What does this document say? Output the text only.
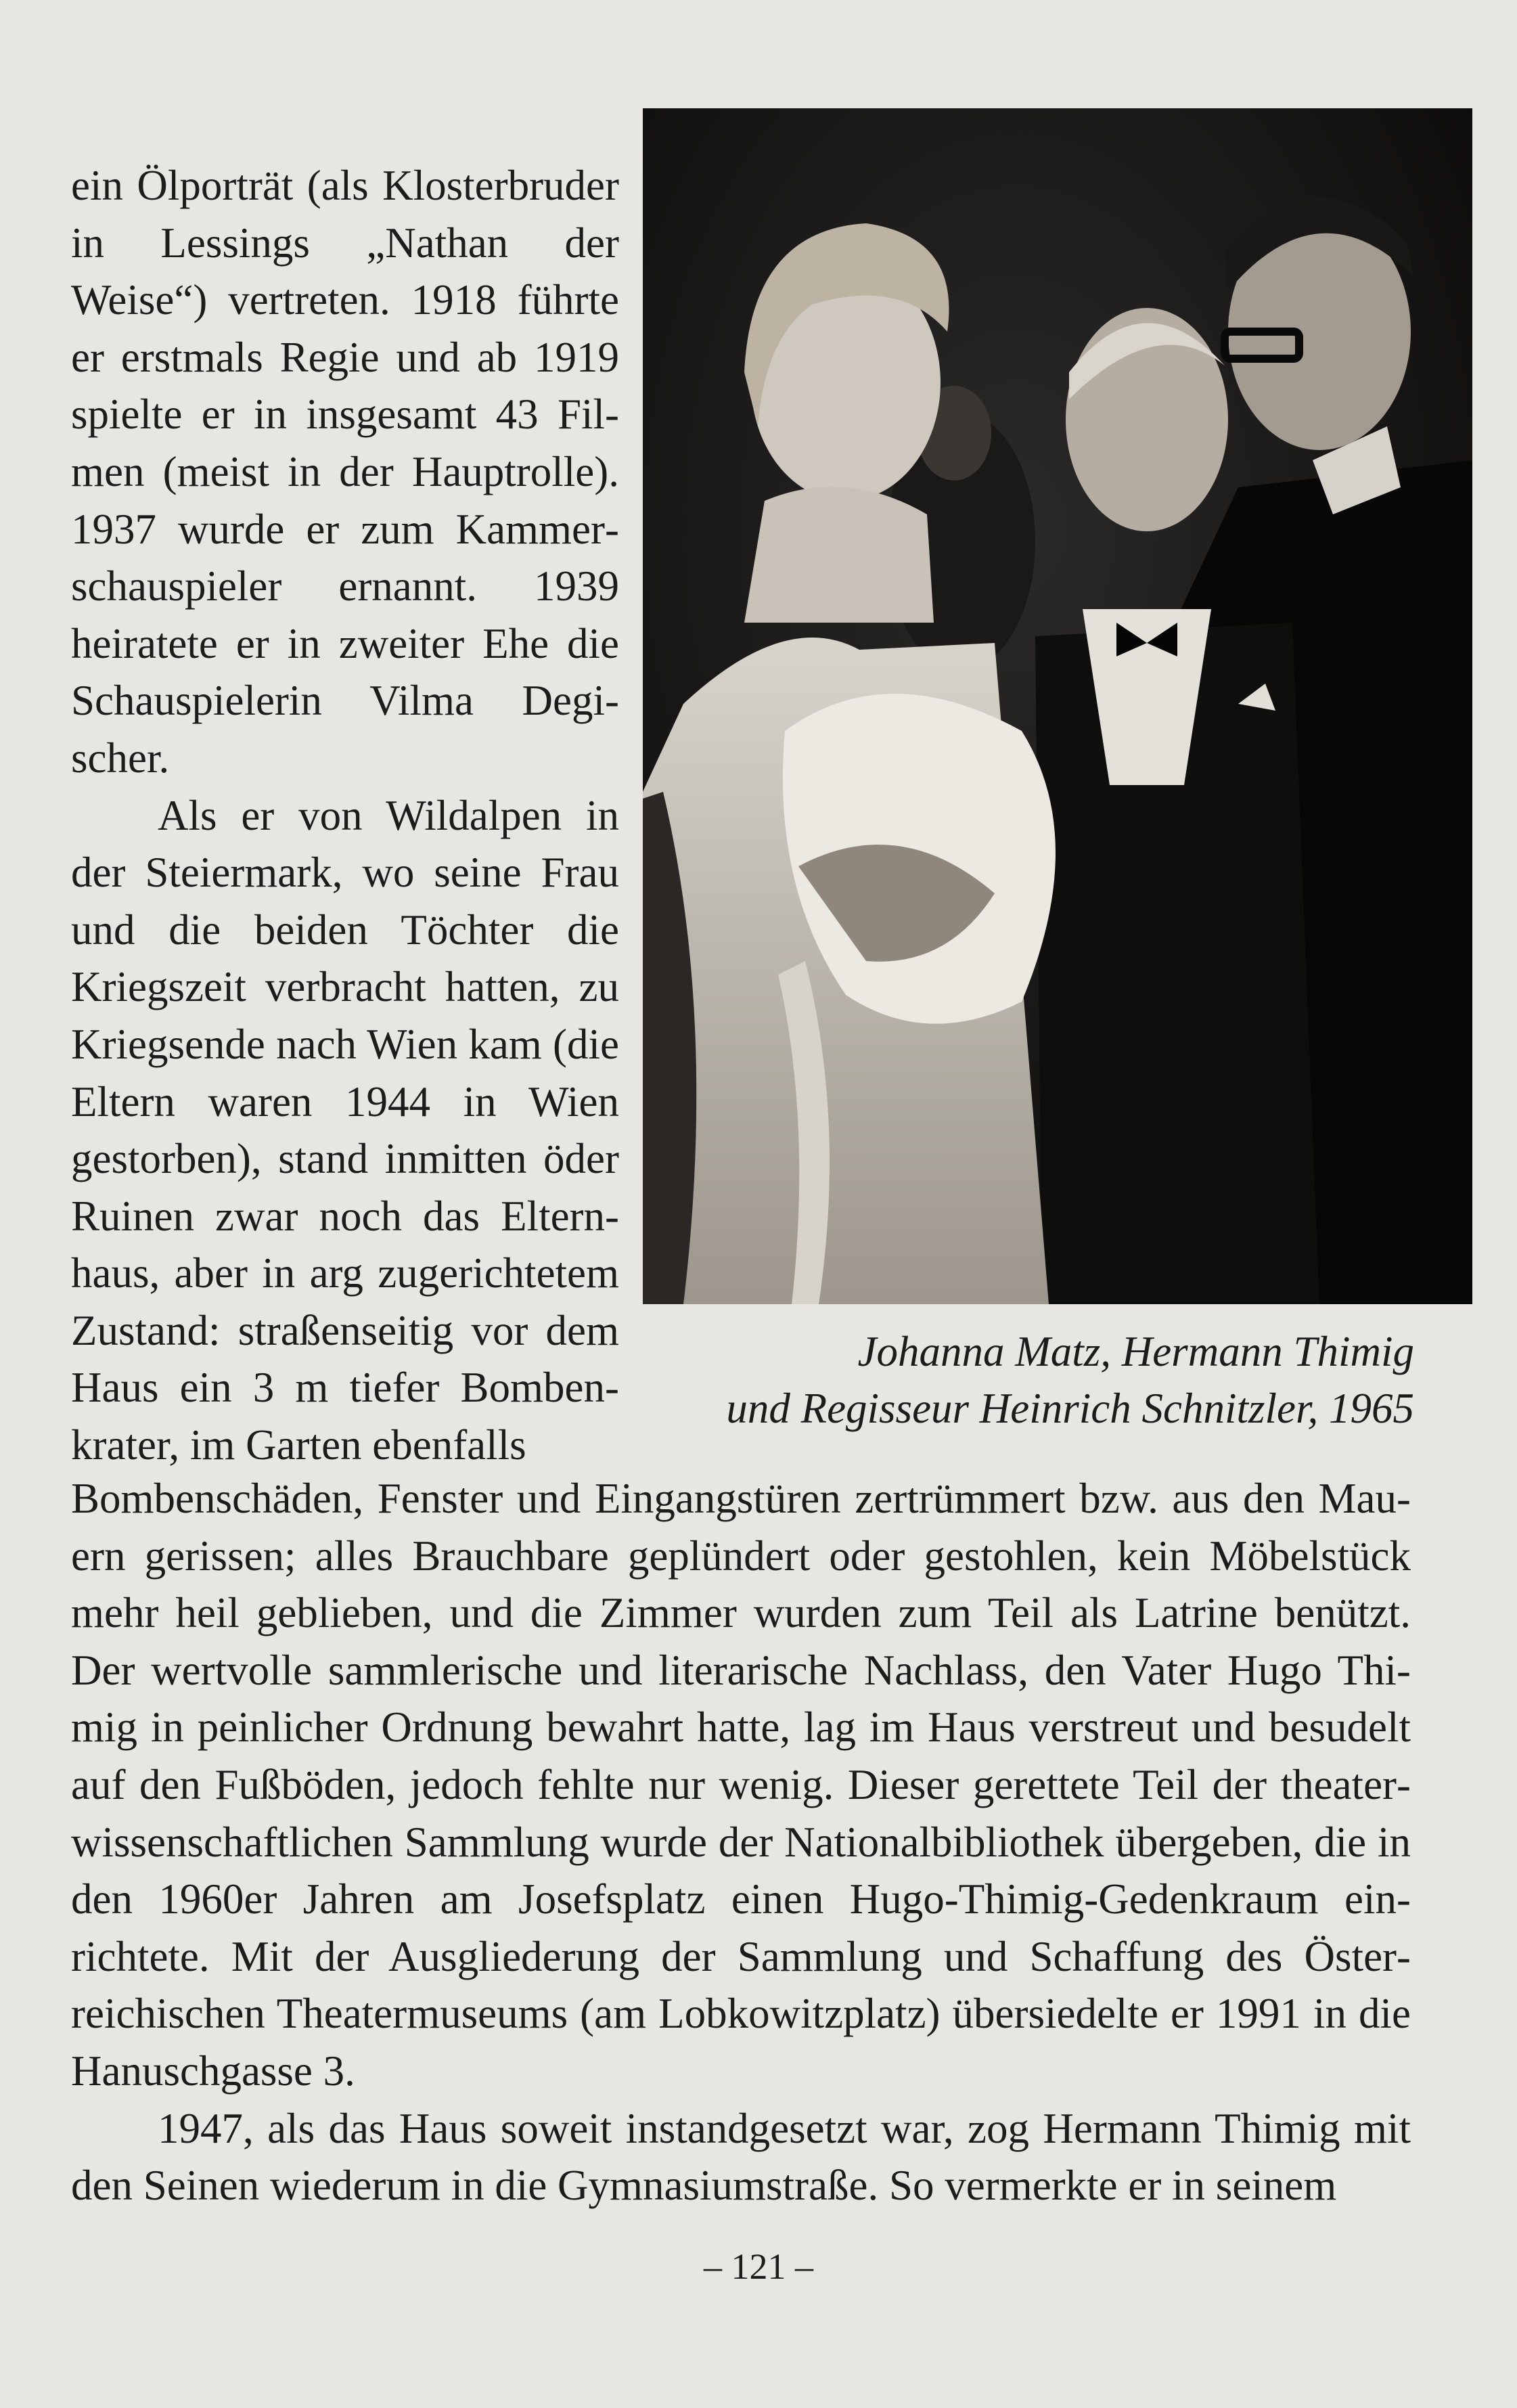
ein Ölporträt (als Klosterbruder in Lessings „Nathan der Weise“) vertreten. 1918 führte er erstmals Regie und ab 1919 spielte er in insgesamt 43 Filmen (meist in der Hauptrolle). 1937 wurde er zum Kammerschauspieler ernannt. 1939 heiratete er in zweiter Ehe die Schauspielerin Vilma Degischer.

Als er von Wildalpen in der Steiermark, wo seine Frau und die beiden Töchter die Kriegszeit verbracht hatten, zu Kriegsende nach Wien kam (die Eltern waren 1944 in Wien gestorben), stand inmitten öder Ruinen zwar noch das Elternhaus, aber in arg zugerichtetem Zustand: straßenseitig vor dem Haus ein 3 m tiefer Bombenkrater, im Garten ebenfalls

Johanna Matz, Hermann Thimig
und Regisseur Heinrich Schnitzler, 1965

Bombenschäden, Fenster und Eingangstüren zertrümmert bzw. aus den Mauern gerissen; alles Brauchbare geplündert oder gestohlen, kein Möbelstück mehr heil geblieben, und die Zimmer wurden zum Teil als Latrine benützt. Der wertvolle sammlerische und literarische Nachlass, den Vater Hugo Thimig in peinlicher Ordnung bewahrt hatte, lag im Haus verstreut und besudelt auf den Fußböden, jedoch fehlte nur wenig. Dieser gerettete Teil der theaterwissenschaftlichen Sammlung wurde der Nationalbibliothek übergeben, die in den 1960er Jahren am Josefsplatz einen Hugo-Thimig-Gedenkraum einrichtete. Mit der Ausgliederung der Sammlung und Schaffung des Österreichischen Theatermuseums (am Lobkowitzplatz) übersiedelte er 1991 in die Hanuschgasse 3.

1947, als das Haus soweit instandgesetzt war, zog Hermann Thimig mit den Seinen wiederum in die Gymnasiumstraße. So vermerkte er in seinem

– 121 –
